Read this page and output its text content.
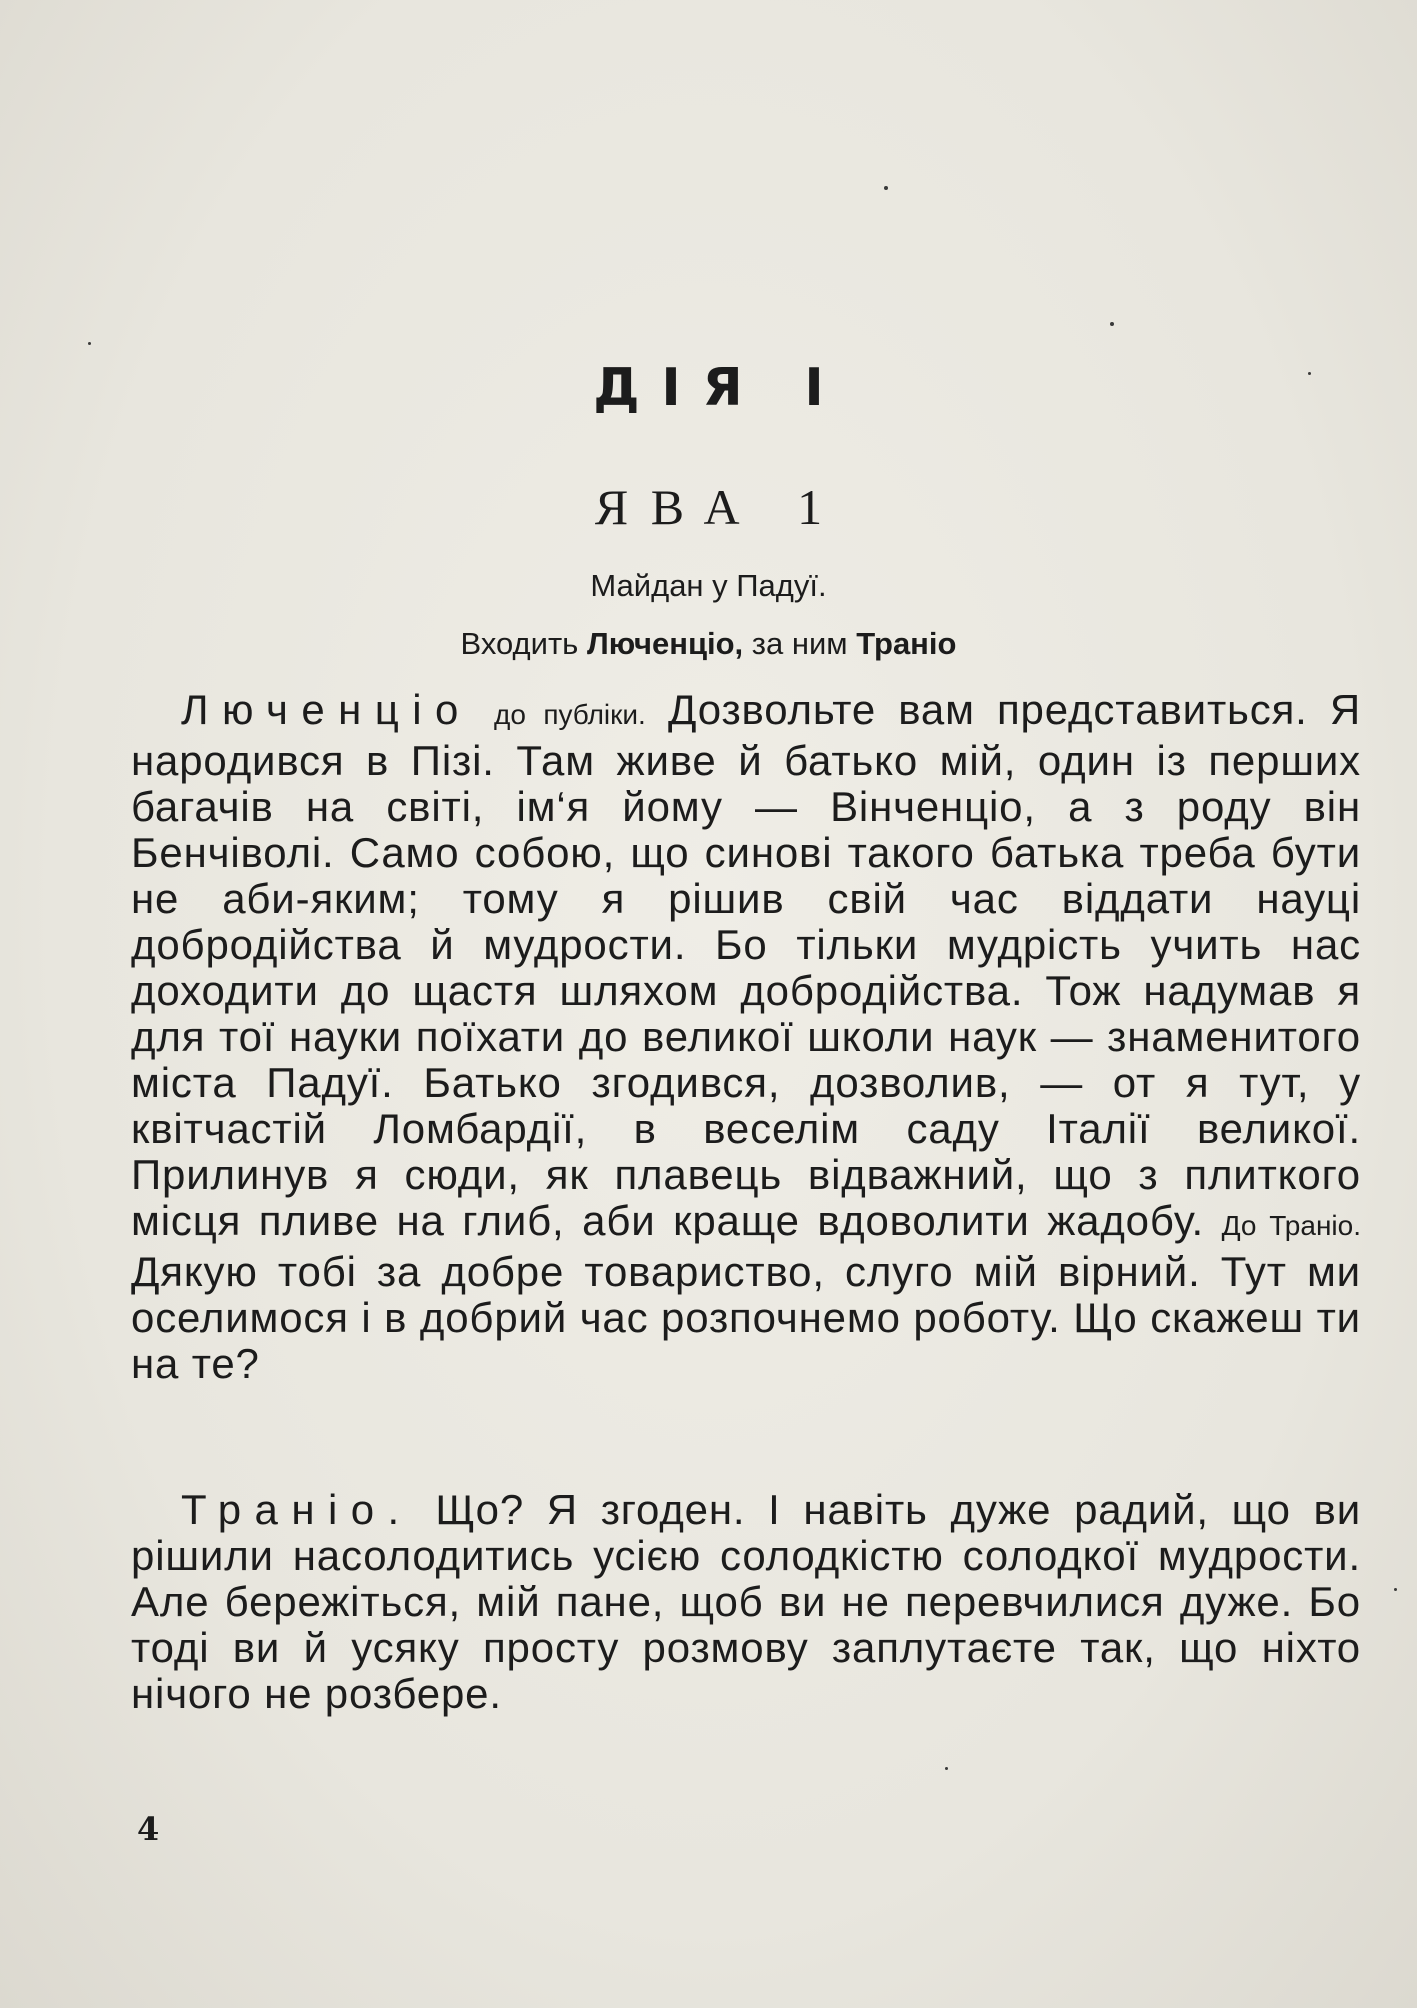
ДІЯ І
ЯВА 1
Майдан у Падуї.
Входить Люченціо, за ним Траніо
Люченціо до публіки. Дозвольте вам предстaвиться. Я народився в Пізі. Там живе й батько мій, один із перших багачів на світі, ім‘я йому — Вінченціо, а з роду він Бенчіволі. Само собою, що синові такого батька треба бути не аби-яким; тому я рішив свій час віддати науці добродійства й мудрости. Бо тільки мудрість учить нас доходити до щастя шляхом добродійства. Тож надумав я для тої науки поїхати до великої школи наук — знаменитого міста Падуї. Батько згодився, дозволив, — от я тут, у квітчастій Ломбардії, в веселім саду Італії великої. Прилинув я сюди, як плавець відважний, що з плиткого місця пливе на глиб, аби краще вдоволити жадобу. До Траніо. Дякую тобі за добре товариство, слуго мій вірний. Тут ми оселимося і в добрий час розпочнемо роботу. Що скажеш ти на те?
Траніо. Що? Я згоден. І навіть дуже радий, що ви рішили насолодитись усією солодкістю солодкої мудрости. Але бережіться, мій пане, щоб ви не перевчилися дуже. Бо тоді ви й усяку просту розмову заплутаєте так, що ніхто нічого не розбере.
4
